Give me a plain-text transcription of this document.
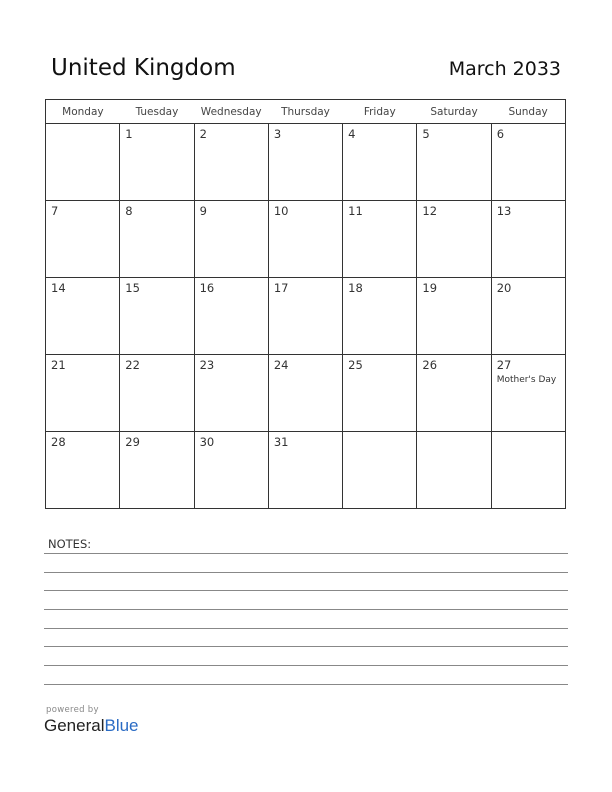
United Kingdom	March 2033
Monday	Tuesday	Wednesday	Thursday	Friday	Saturday	Sunday

	1	2	3	4	5	6

7	8	9	10	11	12	13

14	15	16	17	18	19	20

21	22	23	24	25	26	27
Mother's Day

28	29	30	31			

NOTES:
powered by
GeneralBlue
